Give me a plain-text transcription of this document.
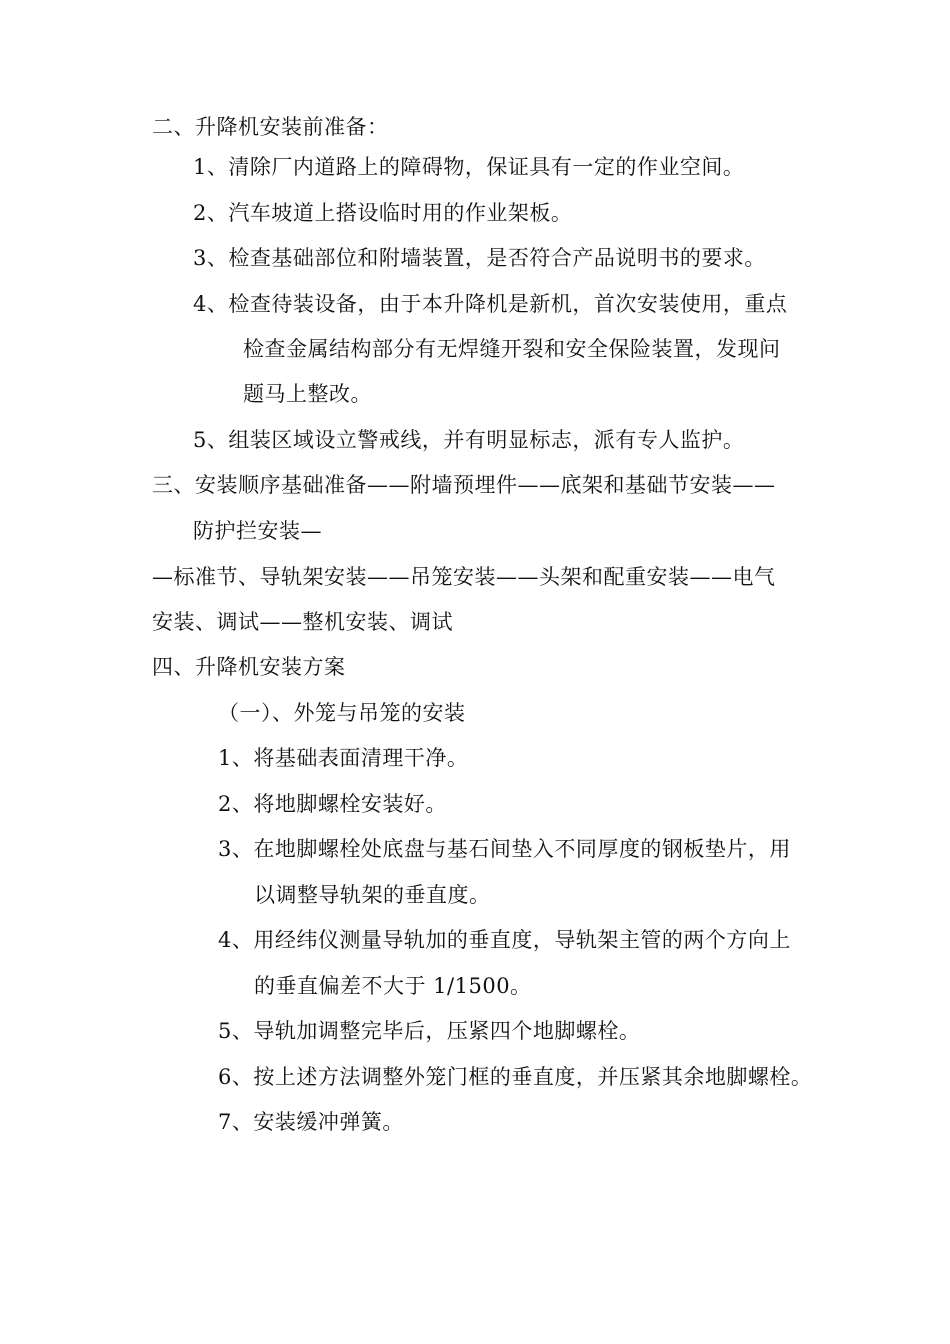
二、升降机安装前准备：
1、清除厂内道路上的障碍物，保证具有一定的作业空间。
2、汽车坡道上搭设临时用的作业架板。
3、检查基础部位和附墙装置，是否符合产品说明书的要求。
4、检查待装设备，由于本升降机是新机，首次安装使用，重点
检查金属结构部分有无焊缝开裂和安全保险装置，发现问
题马上整改。
5、组装区域设立警戒线，并有明显标志，派有专人监护。
三、安装顺序基础准备——附墙预埋件——底架和基础节安装——
防护拦安装—
—标准节、导轨架安装——吊笼安装——头架和配重安装——电气
安装、调试——整机安装、调试
四、升降机安装方案
（一）、外笼与吊笼的安装
1、将基础表面清理干净。
2、将地脚螺栓安装好。
3、在地脚螺栓处底盘与基石间垫入不同厚度的钢板垫片，用
以调整导轨架的垂直度。
4、用经纬仪测量导轨加的垂直度，导轨架主管的两个方向上
的垂直偏差不大于 1/1500。
5、导轨加调整完毕后，压紧四个地脚螺栓。
6、按上述方法调整外笼门框的垂直度，并压紧其余地脚螺栓。
7、安装缓冲弹簧。
